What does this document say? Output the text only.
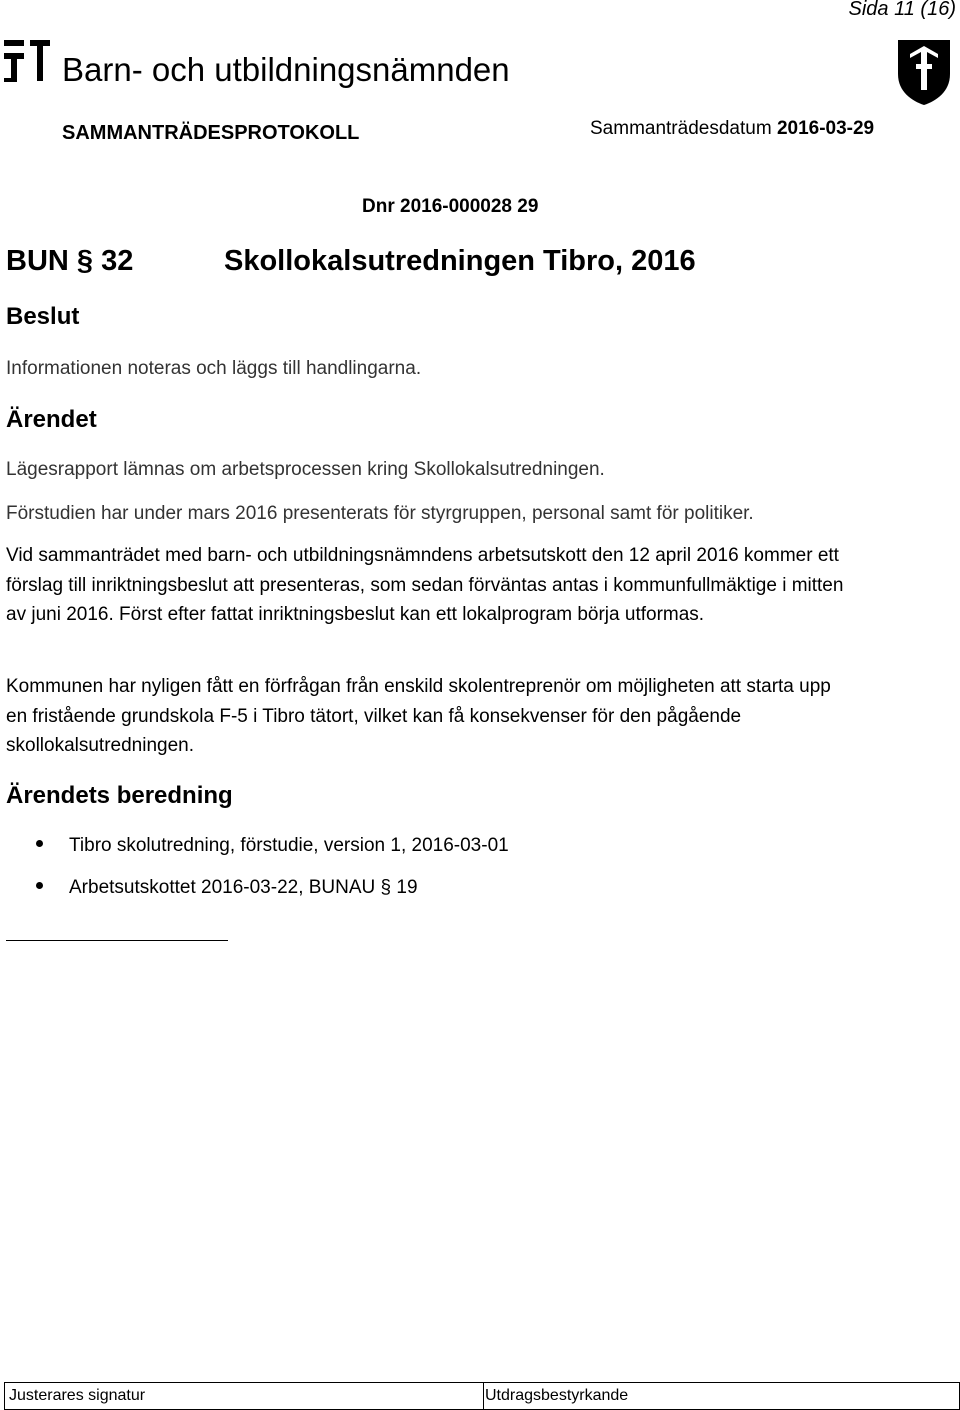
Sida 11 (16)
Barn- och utbildningsnämnden
SAMMANTRÄDESPROTOKOLL	Sammanträdesdatum 2016-03-29
Dnr 2016-000028 29
BUN § 32	Skollokalsutredningen Tibro, 2016
Beslut
Informationen noteras och läggs till handlingarna.
Ärendet
Lägesrapport lämnas om arbetsprocessen kring Skollokalsutredningen.
Förstudien har under mars 2016 presenterats för styrgruppen, personal samt för politiker.
Vid sammanträdet med barn- och utbildningsnämndens arbetsutskott den 12 april 2016 kommer ett förslag till inriktningsbeslut att presenteras, som sedan förväntas antas i kommunfullmäktige i mitten av juni 2016. Först efter fattat inriktningsbeslut kan ett lokalprogram börja utformas.
Kommunen har nyligen fått en förfrågan från enskild skolentreprenör om möjligheten att starta upp en fristående grundskola F-5 i Tibro tätort, vilket kan få konsekvenser för den pågående skollokalsutredningen.
Ärendets beredning
Tibro skolutredning, förstudie, version 1, 2016-03-01
Arbetsutskottet 2016-03-22, BUNAU § 19
Justerares signatur	Utdragsbestyrkande
